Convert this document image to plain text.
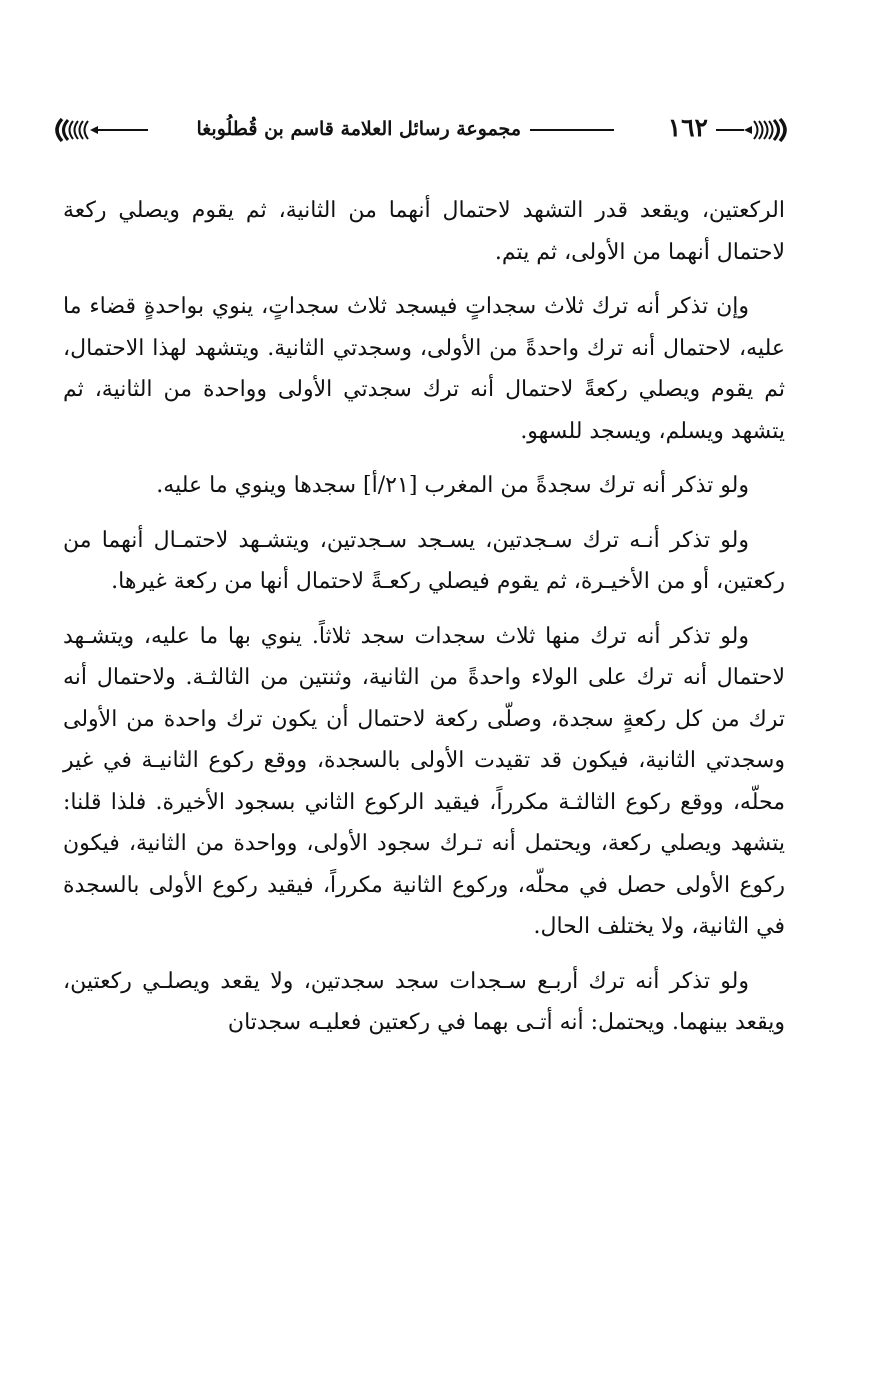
١٦٢
مجموعة رسائل العلامة قاسم بن قُطلُوبغا

الركعتين، ويقعد قدر التشهد لاحتمال أنهما من الثانية، ثم يقوم ويصلي ركعة لاحتمال أنهما من الأولى، ثم يتم.

وإن تذكر أنه ترك ثلاث سجداتٍ فيسجد ثلاث سجداتٍ، ينوي بواحدةٍ قضاء ما عليه، لاحتمال أنه ترك واحدةً من الأولى، وسجدتي الثانية. ويتشهد لهذا الاحتمال، ثم يقوم ويصلي ركعةً لاحتمال أنه ترك سجدتي الأولى وواحدة من الثانية، ثم يتشهد ويسلم، ويسجد للسهو.

ولو تذكر أنه ترك سجدةً من المغرب [٢١/أ] سجدها وينوي ما عليه.

ولو تذكر أنـه ترك سـجدتين، يسـجد سـجدتين، ويتشـهد لاحتمـال أنهما من ركعتين، أو من الأخيـرة، ثم يقوم فيصلي ركعـةً لاحتمال أنها من ركعة غيرها.

ولو تذكر أنه ترك منها ثلاث سجدات سجد ثلاثاً. ينوي بها ما عليه، ويتشـهد لاحتمال أنه ترك على الولاء واحدةً من الثانية، وثنتين من الثالثـة. ولاحتمال أنه ترك من كل ركعةٍ سجدة، وصلّى ركعة لاحتمال أن يكون ترك واحدة من الأولى وسجدتي الثانية، فيكون قد تقيدت الأولى بالسجدة، ووقع ركوع الثانيـة في غير محلّه، ووقع ركوع الثالثـة مكرراً، فيقيد الركوع الثاني بسجود الأخيرة. فلذا قلنا: يتشهد ويصلي ركعة، ويحتمل أنه تـرك سجود الأولى، وواحدة من الثانية، فيكون ركوع الأولى حصل في محلّه، وركوع الثانية مكرراً، فيقيد ركوع الأولى بالسجدة في الثانية، ولا يختلف الحال.

ولو تذكر أنه ترك أربـع سـجدات سجد سجدتين، ولا يقعد ويصلـي ركعتين، ويقعد بينهما. ويحتمل: أنه أتـى بهما في ركعتين فعليـه سجدتان
